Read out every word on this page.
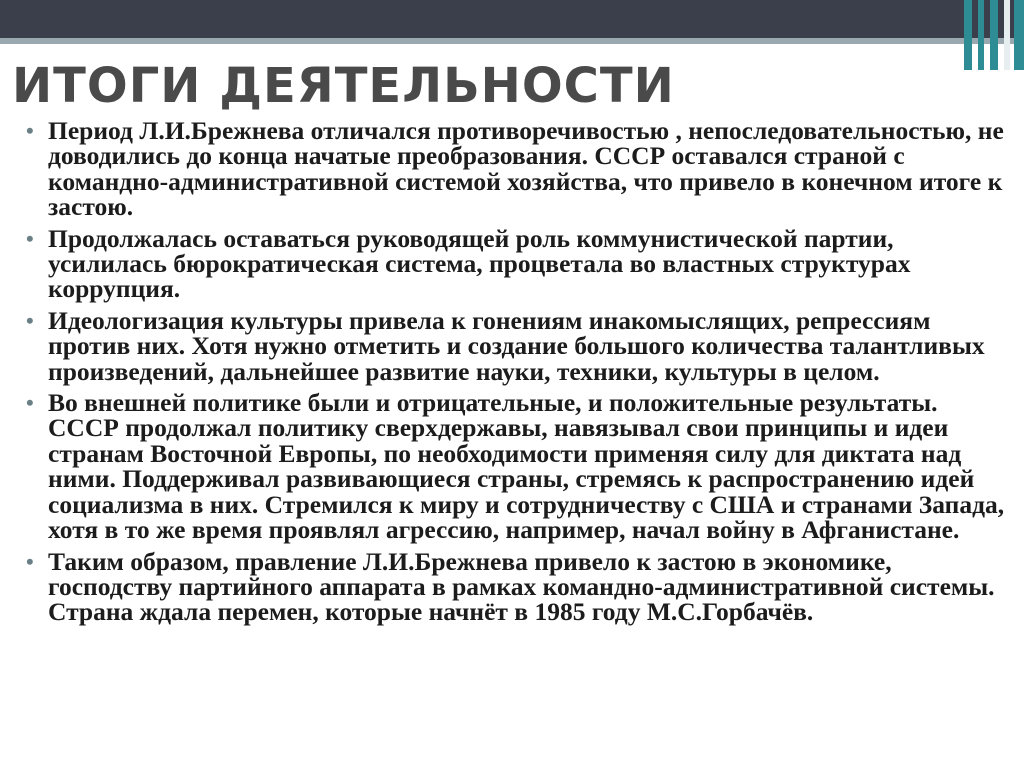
ИТОГИ ДЕЯТЕЛЬНОСТИ
• Период Л.И.Брежнева отличался противоречивостью , непоследовательностью, не доводились до конца начатые преобразования. СССР оставался страной с командно-административной системой хозяйства, что привело в конечном итоге к застою.
• Продолжалась оставаться руководящей роль коммунистической партии, усилилась бюрократическая система, процветала во властных структурах коррупция.
• Идеологизация культуры привела к гонениям инакомыслящих, репрессиям против них. Хотя нужно отметить и создание большого количества талантливых произведений, дальнейшее развитие науки, техники, культуры в целом.
• Во внешней политике были и отрицательные, и положительные результаты. СССР продолжал политику сверхдержавы, навязывал свои принципы и идеи странам Восточной Европы, по необходимости применяя силу для диктата над ними. Поддерживал развивающиеся страны, стремясь к распространению идей социализма в них. Стремился к миру и сотрудничеству с США и странами Запада, хотя в то же время проявлял агрессию, например, начал войну в Афганистане.
• Таким образом, правление Л.И.Брежнева привело к застою в экономике, господству партийного аппарата в рамках командно-административной системы. Страна ждала перемен, которые начнёт в 1985 году М.С.Горбачёв.
